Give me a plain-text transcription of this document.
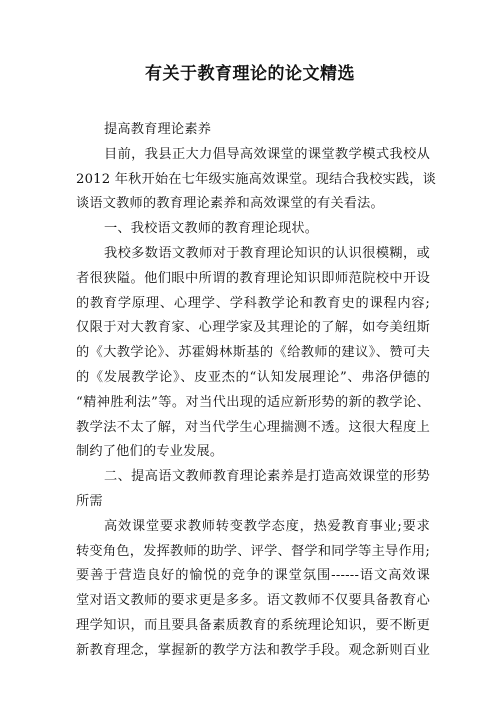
有关于教育理论的论文精选
提高教育理论素养
目前，我县正大力倡导高效课堂的课堂教学模式我校从
2012 年秋开始在七年级实施高效课堂。现结合我校实践，谈
谈语文教师的教育理论素养和高效课堂的有关看法。
一、我校语文教师的教育理论现状。
我校多数语文教师对于教育理论知识的认识很模糊，或
者很狭隘。他们眼中所谓的教育理论知识即师范院校中开设
的教育学原理、心理学、学科教学论和教育史的课程内容;
仅限于对大教育家、心理学家及其理论的了解，如夸美纽斯
的《大教学论》、苏霍姆林斯基的《给教师的建议》、赞可夫
的《发展教学论》、皮亚杰的“认知发展理论”、弗洛伊德的
“精神胜利法”等。对当代出现的适应新形势的新的教学论、
教学法不太了解，对当代学生心理揣测不透。这很大程度上
制约了他们的专业发展。
二、提高语文教师教育理论素养是打造高效课堂的形势
所需
高效课堂要求教师转变教学态度，热爱教育事业;要求
转变角色，发挥教师的助学、评学、督学和同学等主导作用;
要善于营造良好的愉悦的竞争的课堂氛围------语文高效课
堂对语文教师的要求更是多多。语文教师不仅要具备教育心
理学知识，而且要具备素质教育的系统理论知识，要不断更
新教育理念，掌握新的教学方法和教学手段。观念新则百业
